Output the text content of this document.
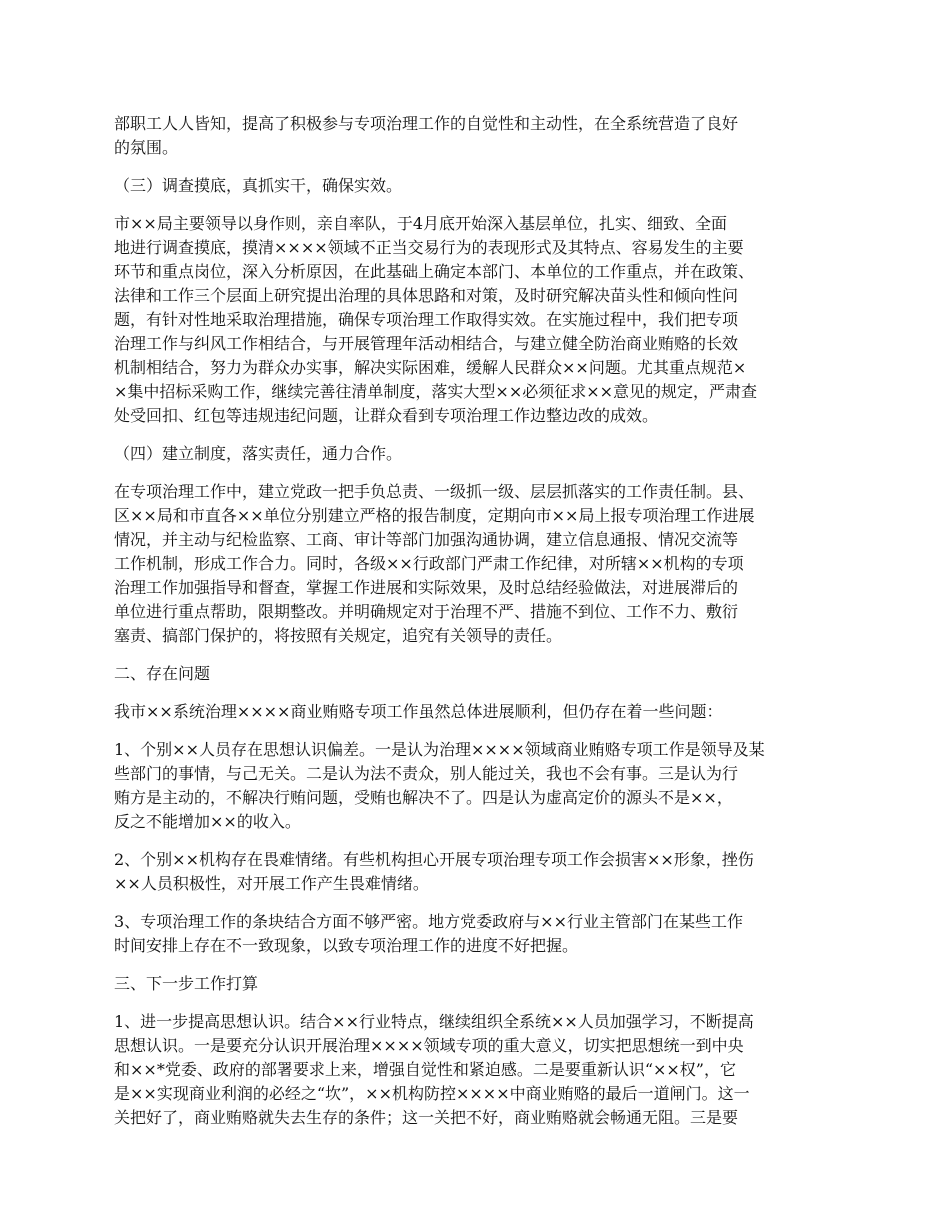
部职工人人皆知，提高了积极参与专项治理工作的自觉性和主动性，在全系统营造了良好
的氛围。
（三）调查摸底，真抓实干，确保实效。
市××局主要领导以身作则，亲自率队，于4月底开始深入基层单位，扎实、细致、全面
地进行调查摸底，摸清××××领域不正当交易行为的表现形式及其特点、容易发生的主要
环节和重点岗位，深入分析原因，在此基础上确定本部门、本单位的工作重点，并在政策、
法律和工作三个层面上研究提出治理的具体思路和对策，及时研究解决苗头性和倾向性问
题，有针对性地采取治理措施，确保专项治理工作取得实效。在实施过程中，我们把专项
治理工作与纠风工作相结合，与开展管理年活动相结合，与建立健全防治商业贿赂的长效
机制相结合，努力为群众办实事，解决实际困难，缓解人民群众××问题。尤其重点规范×
×集中招标采购工作，继续完善往清单制度，落实大型××必须征求××意见的规定，严肃查
处受回扣、红包等违规违纪问题，让群众看到专项治理工作边整边改的成效。
（四）建立制度，落实责任，通力合作。
在专项治理工作中，建立党政一把手负总责、一级抓一级、层层抓落实的工作责任制。县、
区××局和市直各××单位分别建立严格的报告制度，定期向市××局上报专项治理工作进展
情况，并主动与纪检监察、工商、审计等部门加强沟通协调，建立信息通报、情况交流等
工作机制，形成工作合力。同时，各级××行政部门严肃工作纪律，对所辖××机构的专项
治理工作加强指导和督查，掌握工作进展和实际效果，及时总结经验做法，对进展滞后的
单位进行重点帮助，限期整改。并明确规定对于治理不严、措施不到位、工作不力、敷衍
塞责、搞部门保护的，将按照有关规定，追究有关领导的责任。
二、存在问题
我市××系统治理××××商业贿赂专项工作虽然总体进展顺利，但仍存在着一些问题：
1、个别××人员存在思想认识偏差。一是认为治理××××领域商业贿赂专项工作是领导及某
些部门的事情，与己无关。二是认为法不责众，别人能过关，我也不会有事。三是认为行
贿方是主动的，不解决行贿问题，受贿也解决不了。四是认为虚高定价的源头不是××，
反之不能增加××的收入。
2、个别××机构存在畏难情绪。有些机构担心开展专项治理专项工作会损害××形象，挫伤
××人员积极性，对开展工作产生畏难情绪。
3、专项治理工作的条块结合方面不够严密。地方党委政府与××行业主管部门在某些工作
时间安排上存在不一致现象，以致专项治理工作的进度不好把握。
三、下一步工作打算
1、进一步提高思想认识。结合××行业特点，继续组织全系统××人员加强学习，不断提高
思想认识。一是要充分认识开展治理××××领域专项的重大意义，切实把思想统一到中央
和××*党委、政府的部署要求上来，增强自觉性和紧迫感。二是要重新认识“××权”，它
是××实现商业利润的必经之“坎”，××机构防控××××中商业贿赂的最后一道闸门。这一
关把好了，商业贿赂就失去生存的条件；这一关把不好，商业贿赂就会畅通无阻。三是要
